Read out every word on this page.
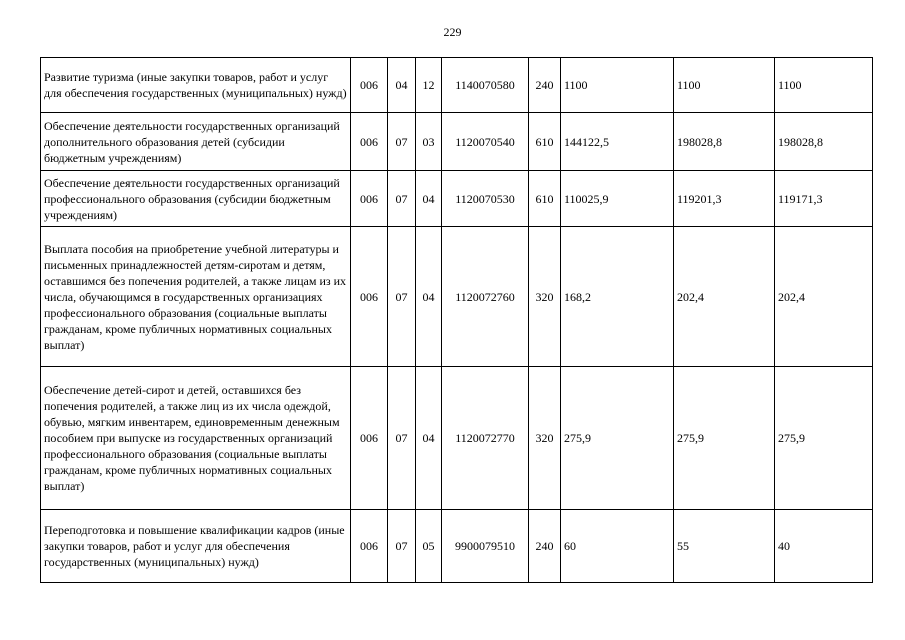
229
Развитие туризма (иные закупки товаров, работ и услуг для обеспечения государственных (муниципальных) нужд)	006	04	12	1140070580	240	1100	1100	1100
Обеспечение деятельности государственных организаций дополнительного образования детей (субсидии бюджетным учреждениям)	006	07	03	1120070540	610	144122,5	198028,8	198028,8
Обеспечение деятельности государственных организаций профессионального образования (субсидии бюджетным учреждениям)	006	07	04	1120070530	610	110025,9	119201,3	119171,3
Выплата пособия на приобретение учебной литературы и письменных принадлежностей детям-сиротам и детям, оставшимся без попечения родителей, а также лицам из их числа, обучающимся в государственных организациях профессионального образования (социальные выплаты гражданам, кроме публичных нормативных социальных выплат)	006	07	04	1120072760	320	168,2	202,4	202,4
Обеспечение детей-сирот и детей, оставшихся без попечения родителей, а также лиц из их числа одеждой, обувью, мягким инвентарем, единовременным денежным пособием при выпуске из государственных организаций профессионального образования (социальные выплаты гражданам, кроме публичных нормативных социальных выплат)	006	07	04	1120072770	320	275,9	275,9	275,9
Переподготовка и повышение квалификации кадров (иные закупки товаров, работ и услуг для обеспечения государственных (муниципальных) нужд)	006	07	05	9900079510	240	60	55	40
